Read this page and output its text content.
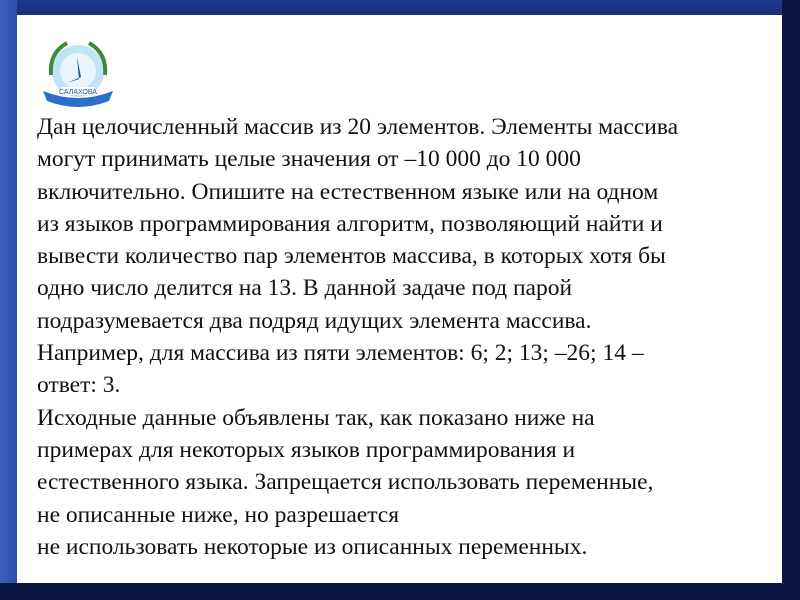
САЛАХОВА
Дан целочисленный массив из 20 элементов. Элементы массива
могут принимать целые значения от –10 000 до 10 000
включительно. Опишите на естественном языке или на одном
из языков программирования алгоритм, позволяющий найти и
вывести количество пар элементов массива, в которых хотя бы
одно число делится на 13. В данной задаче под парой
подразумевается два подряд идущих элемента массива.
Например, для массива из пяти элементов: 6; 2; 13; –26; 14 –
ответ: 3.
Исходные данные объявлены так, как показано ниже на
примерах для некоторых языков программирования и
естественного языка. Запрещается использовать переменные,
не описанные ниже, но разрешается
не использовать некоторые из описанных переменных.
